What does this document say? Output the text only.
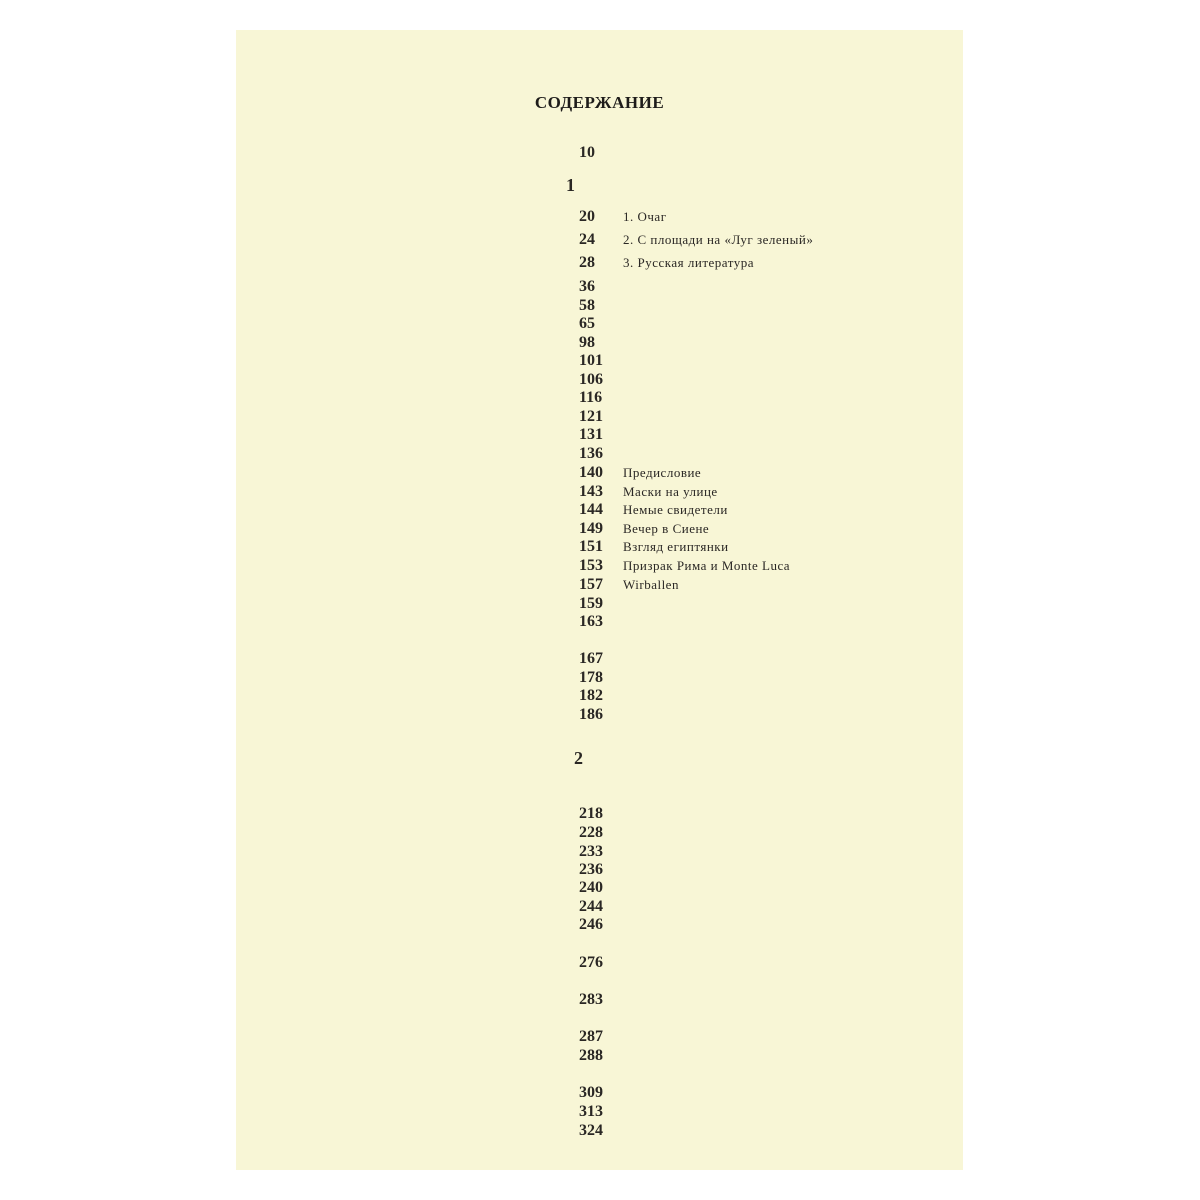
СОДЕРЖАНИЕ
10
1
20 1. Очаг
24 2. С площади на «Луг зеленый»
28 3. Русская литература
36
58
65
98
101
106
116
121
131
136
140 Предисловие
143 Маски на улице
144 Немые свидетели
149 Вечер в Сиене
151 Взгляд египтянки
153 Призрак Рима и Monte Luca
157 Wirballen
159
163
167
178
182
186
2
218
228
233
236
240
244
246
276
283
287
288
309
313
324
